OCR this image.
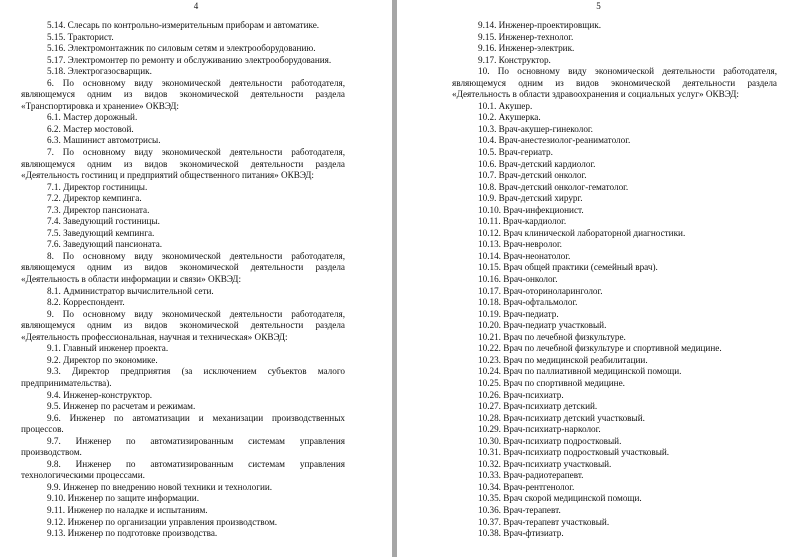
4
5.14. Слесарь по контрольно-измерительным приборам и автоматике.
5.15. Тракторист.
5.16. Электромонтажник по силовым сетям и электрооборудованию.
5.17. Электромонтер по ремонту и обслуживанию электрооборудования.
5.18. Электрогазосварщик.
6. По основному виду экономической деятельности работодателя,
являющемуся одним из видов экономической деятельности раздела
«Транспортировка и хранение» ОКВЭД:
6.1. Мастер дорожный.
6.2. Мастер мостовой.
6.3. Машинист автомотрисы.
7. По основному виду экономической деятельности работодателя,
являющемуся одним из видов экономической деятельности раздела
«Деятельность гостиниц и предприятий общественного питания» ОКВЭД:
7.1. Директор гостиницы.
7.2. Директор кемпинга.
7.3. Директор пансионата.
7.4. Заведующий гостиницы.
7.5. Заведующий кемпинга.
7.6. Заведующий пансионата.
8. По основному виду экономической деятельности работодателя,
являющемуся одним из видов экономической деятельности раздела
«Деятельность в области информации и связи» ОКВЭД:
8.1. Администратор вычислительной сети.
8.2. Корреспондент.
9. По основному виду экономической деятельности работодателя,
являющемуся одним из видов экономической деятельности раздела
«Деятельность профессиональная, научная и техническая» ОКВЭД:
9.1. Главный инженер проекта.
9.2. Директор по экономике.
9.3. Директор предприятия (за исключением субъектов малого
предпринимательства).
9.4. Инженер-конструктор.
9.5. Инженер по расчетам и режимам.
9.6. Инженер по автоматизации и механизации производственных
процессов.
9.7. Инженер по автоматизированным системам управления
производством.
9.8. Инженер по автоматизированным системам управления
технологическими процессами.
9.9. Инженер по внедрению новой техники и технологии.
9.10. Инженер по защите информации.
9.11. Инженер по наладке и испытаниям.
9.12. Инженер по организации управления производством.
9.13. Инженер по подготовке производства.
5
9.14. Инженер-проектировщик.
9.15. Инженер-технолог.
9.16. Инженер-электрик.
9.17. Конструктор.
10. По основному виду экономической деятельности работодателя,
являющемуся одним из видов экономической деятельности раздела
«Деятельность в области здравоохранения и социальных услуг» ОКВЭД:
10.1. Акушер.
10.2. Акушерка.
10.3. Врач-акушер-гинеколог.
10.4. Врач-анестезиолог-реаниматолог.
10.5. Врач-гериатр.
10.6. Врач-детский кардиолог.
10.7. Врач-детский онколог.
10.8. Врач-детский онколог-гематолог.
10.9. Врач-детский хирург.
10.10. Врач-инфекционист.
10.11. Врач-кардиолог.
10.12. Врач клинической лабораторной диагностики.
10.13. Врач-невролог.
10.14. Врач-неонатолог.
10.15. Врач общей практики (семейный врач).
10.16. Врач-онколог.
10.17. Врач-оториноларинголог.
10.18. Врач-офтальмолог.
10.19. Врач-педиатр.
10.20. Врач-педиатр участковый.
10.21. Врач по лечебной физкультуре.
10.22. Врач по лечебной физкультуре и спортивной медицине.
10.23. Врач по медицинской реабилитации.
10.24. Врач по паллиативной медицинской помощи.
10.25. Врач по спортивной медицине.
10.26. Врач-психиатр.
10.27. Врач-психиатр детский.
10.28. Врач-психиатр детский участковый.
10.29. Врач-психиатр-нарколог.
10.30. Врач-психиатр подростковый.
10.31. Врач-психиатр подростковый участковый.
10.32. Врач-психиатр участковый.
10.33. Врач-радиотерапевт.
10.34. Врач-рентгенолог.
10.35. Врач скорой медицинской помощи.
10.36. Врач-терапевт.
10.37. Врач-терапевт участковый.
10.38. Врач-фтизиатр.
